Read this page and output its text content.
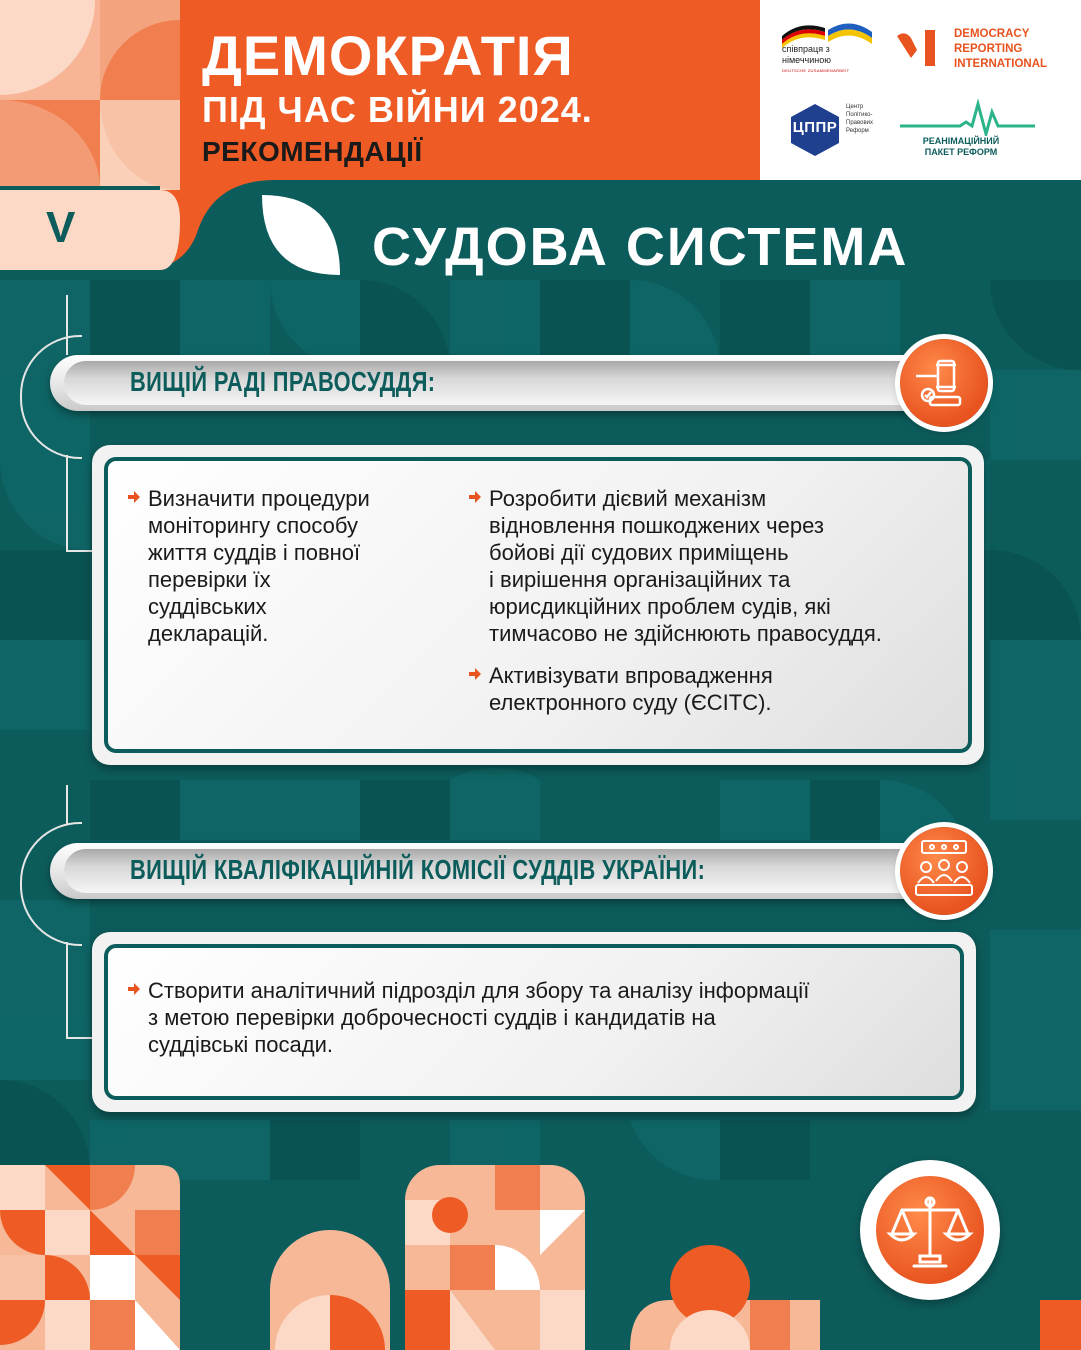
ДЕМОКРАТІЯ
ПІД ЧАС ВІЙНИ 2024.
РЕКОМЕНДАЦІЇ
співпраця з
німеччиною
DEUTSCHE ZUSAMMENARBEIT
DEMOCRACY
REPORTING
INTERNATIONAL
ЦППР
Центр
Політико-
Правових
Реформ
РЕАНІМАЦІЙНИЙ
ПАКЕТ РЕФОРМ
V	СУДОВА СИСТЕМА
ВИЩІЙ РАДІ ПРАВОСУДДЯ:
Визначити процедури
моніторингу способу
життя суддів і повної
перевірки їх
суддівських
декларацій.
Розробити дієвий механізм
відновлення пошкоджених через
бойові дії судових приміщень
і вирішення організаційних та
юрисдикційних проблем судів, які
тимчасово не здійснюють правосуддя.
Активізувати впровадження
електронного суду (ЄСІТС).
ВИЩІЙ КВАЛІФІКАЦІЙНІЙ КОМІСІЇ СУДДІВ УКРАЇНИ:
Створити аналітичний підрозділ для збору та аналізу інформації
з метою перевірки доброчесності суддів і кандидатів на
суддівські посади.
